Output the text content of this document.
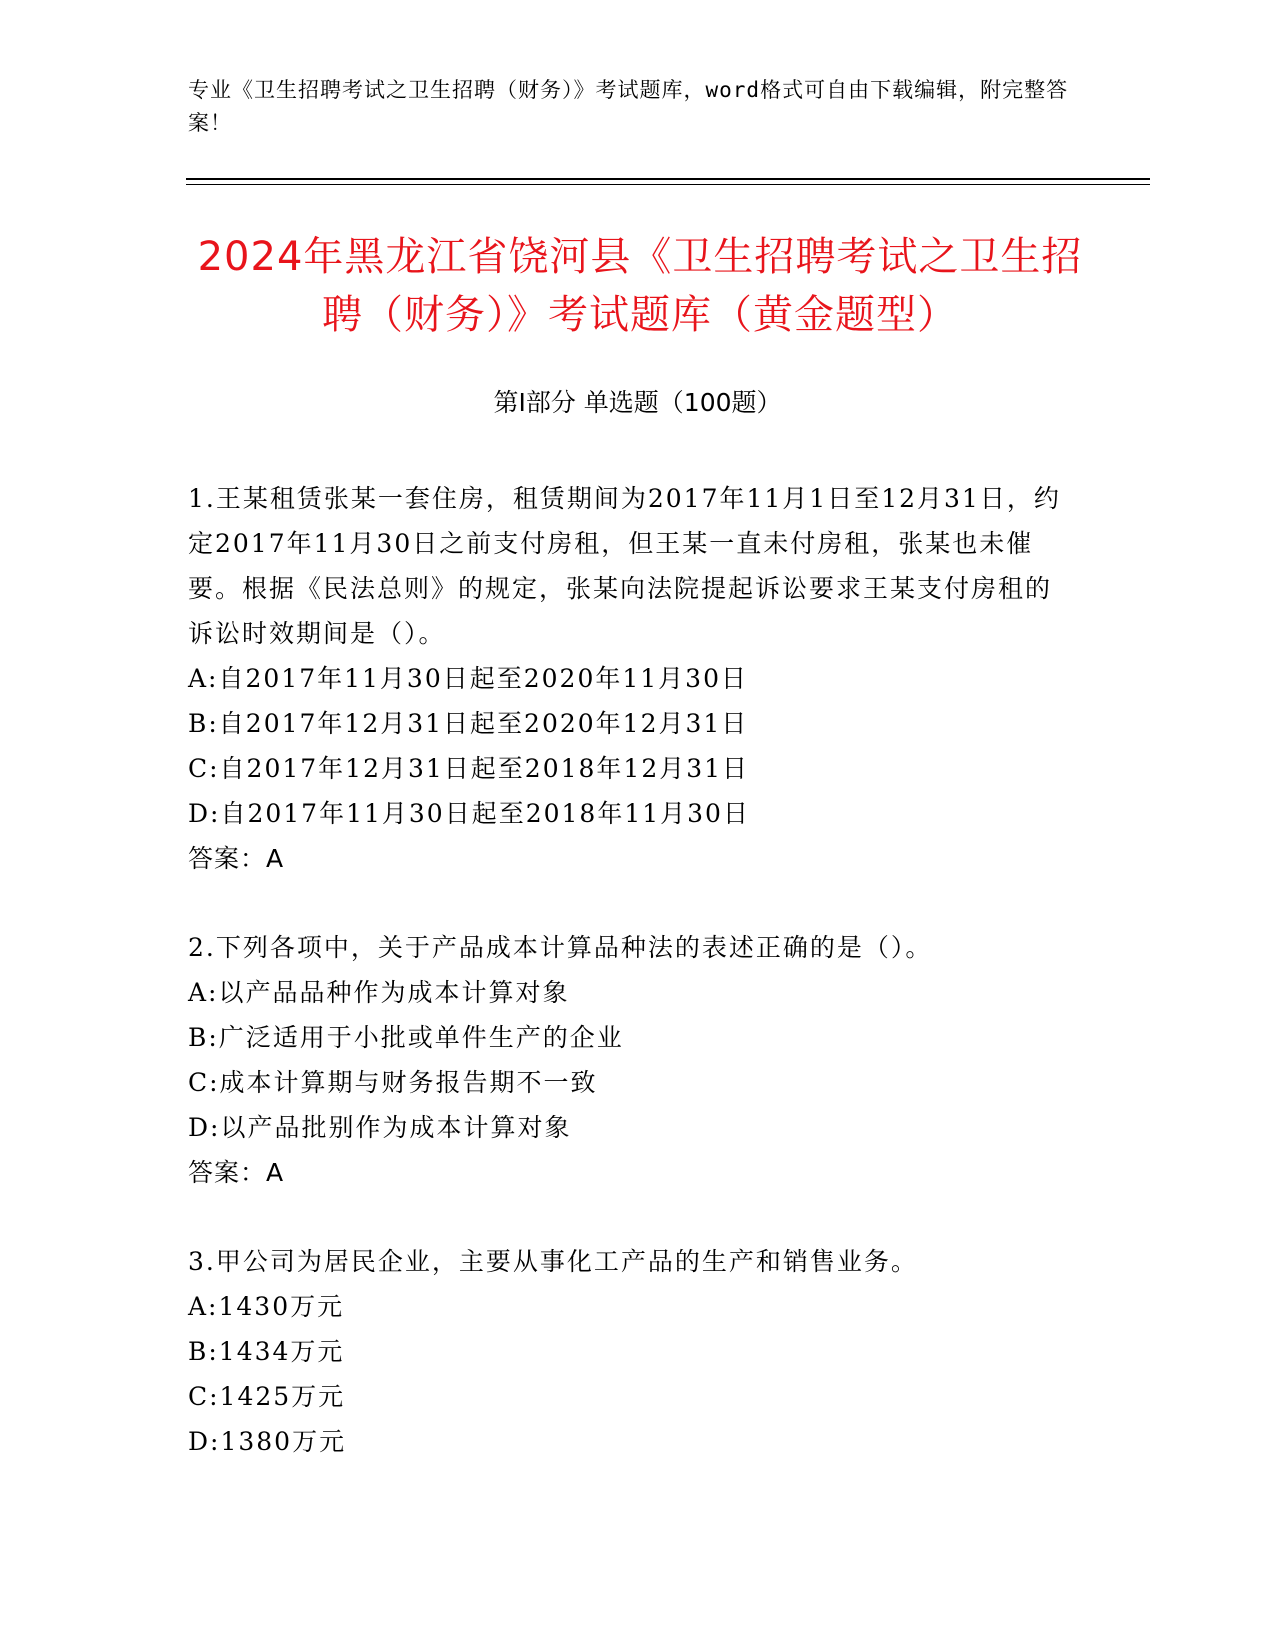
专业《卫生招聘考试之卫生招聘（财务）》考试题库，word格式可自由下载编辑，附完整答案！
2024年黑龙江省饶河县《卫生招聘考试之卫生招聘（财务）》考试题库（黄金题型）
第Ⅰ部分 单选题（100题）

1.王某租赁张某一套住房，租赁期间为2017年11月1日至12月31日，约定2017年11月30日之前支付房租，但王某一直未付房租，张某也未催要。根据《民法总则》的规定，张某向法院提起诉讼要求王某支付房租的诉讼时效期间是（）。

A:自2017年11月30日起至2020年11月30日
B:自2017年12月31日起至2020年12月31日
C:自2017年12月31日起至2018年12月31日
D:自2017年11月30日起至2018年11月30日
答案：A

2.下列各项中，关于产品成本计算品种法的表述正确的是（）。

A:以产品品种作为成本计算对象
B:广泛适用于小批或单件生产的企业
C:成本计算期与财务报告期不一致
D:以产品批别作为成本计算对象
答案：A

3.甲公司为居民企业，主要从事化工产品的生产和销售业务。

A:1430万元
B:1434万元
C:1425万元
D:1380万元
